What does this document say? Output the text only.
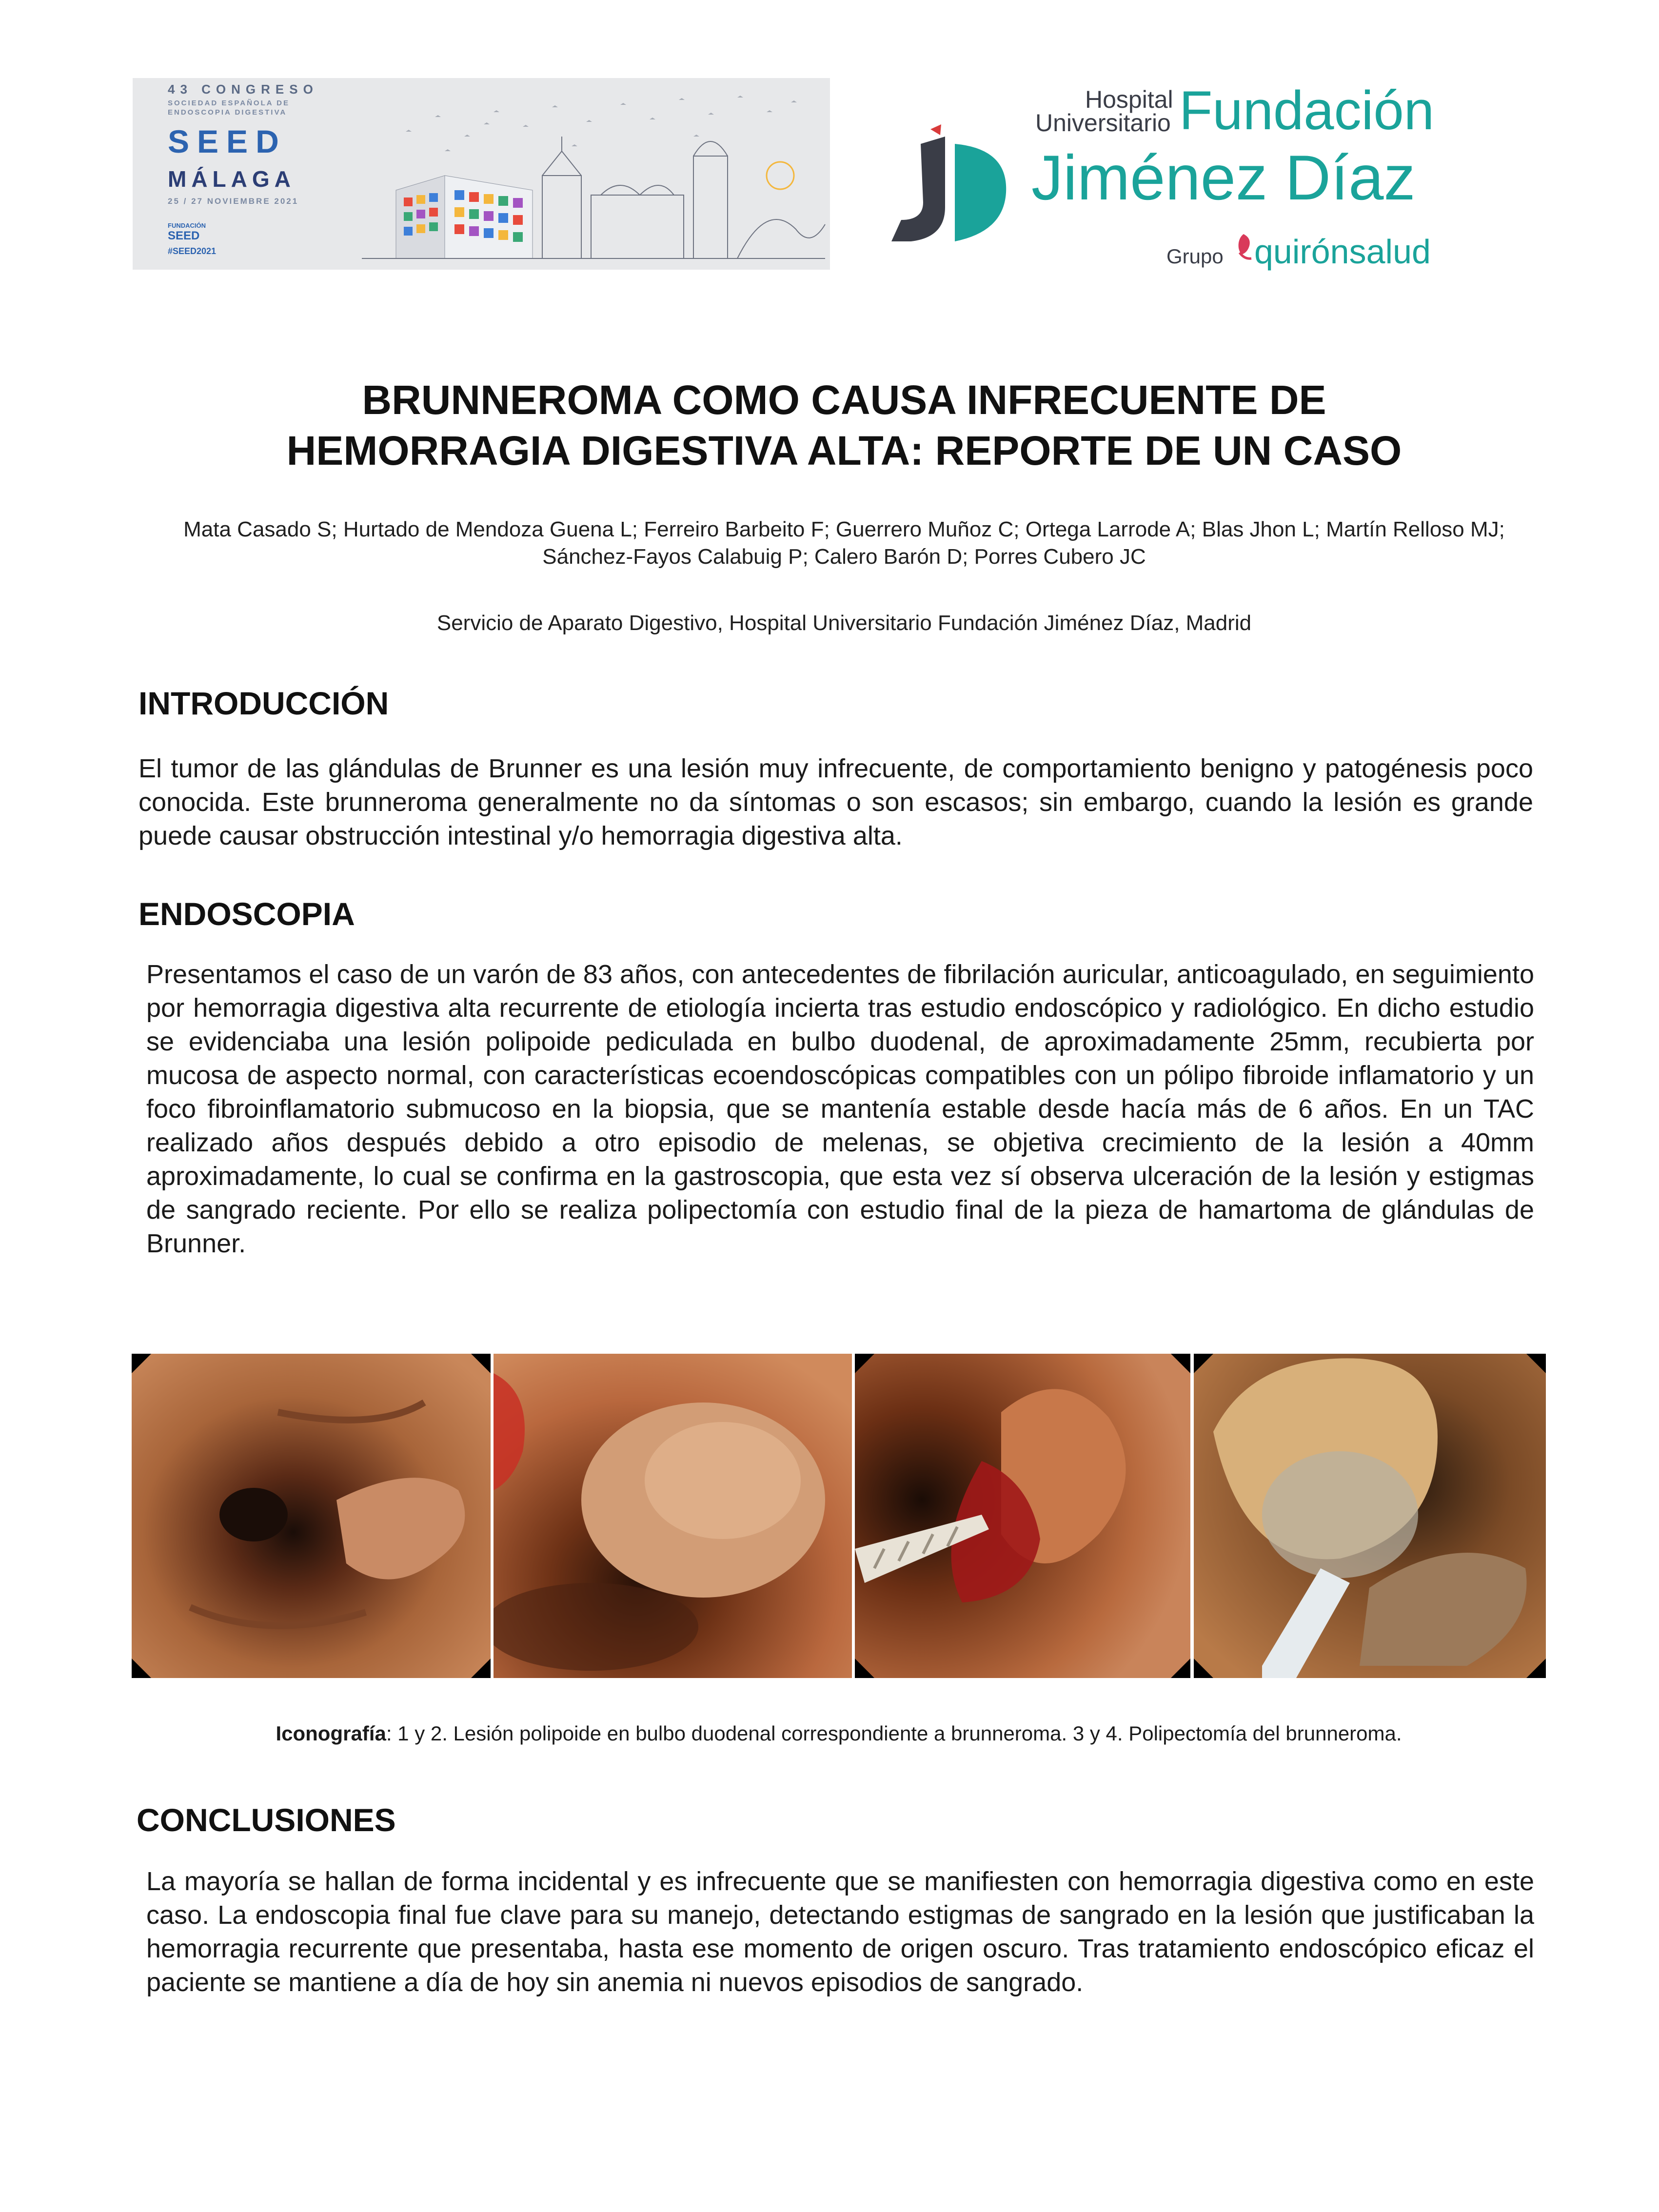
43 CONGRESO
SOCIEDAD ESPAÑOLA DE ENDOSCOPIA DIGESTIVA
SEED
MÁLAGA
25 / 27 NOVIEMBRE 2021
FUNDACIÓN
SEED
#SEED2021
Hospital
Universitario Fundación
Jiménez Díaz
Grupo quirónsalud
BRUNNEROMA COMO CAUSA INFRECUENTE DE
HEMORRAGIA DIGESTIVA ALTA: REPORTE DE UN CASO
Mata Casado S; Hurtado de Mendoza Guena L; Ferreiro Barbeito F; Guerrero Muñoz C; Ortega Larrode A; Blas Jhon L; Martín Relloso MJ; Sánchez-Fayos Calabuig P; Calero Barón D; Porres Cubero JC
Servicio de Aparato Digestivo, Hospital Universitario Fundación Jiménez Díaz, Madrid
INTRODUCCIÓN
El tumor de las glándulas de Brunner es una lesión muy infrecuente, de comportamiento benigno y patogénesis poco conocida. Este brunneroma generalmente no da síntomas o son escasos; sin embargo, cuando la lesión es grande puede causar obstrucción intestinal y/o hemorragia digestiva alta.
ENDOSCOPIA
Presentamos el caso de un varón de 83 años, con antecedentes de fibrilación auricular, anticoagulado, en seguimiento por hemorragia digestiva alta recurrente de etiología incierta tras estudio endoscópico y radiológico. En dicho estudio se evidenciaba una lesión polipoide pediculada en bulbo duodenal, de aproximadamente 25mm, recubierta por mucosa de aspecto normal, con características ecoendoscópicas compatibles con un pólipo fibroide inflamatorio y un foco fibroinflamatorio submucoso en la biopsia, que se mantenía estable desde hacía más de 6 años. En un TAC realizado años después debido a otro episodio de melenas, se objetiva crecimiento de la lesión a 40mm aproximadamente, lo cual se confirma en la gastroscopia, que esta vez sí observa ulceración de la lesión y estigmas de sangrado reciente. Por ello se realiza polipectomía con estudio final de la pieza de hamartoma de glándulas de Brunner.
Iconografía: 1 y 2. Lesión polipoide en bulbo duodenal correspondiente a brunneroma. 3 y 4. Polipectomía del brunneroma.
CONCLUSIONES
La mayoría se hallan de forma incidental y es infrecuente que se manifiesten con hemorragia digestiva como en este caso. La endoscopia final fue clave para su manejo, detectando estigmas de sangrado en la lesión que justificaban la hemorragia recurrente que presentaba, hasta ese momento de origen oscuro. Tras tratamiento endoscópico eficaz el paciente se mantiene a día de hoy sin anemia ni nuevos episodios de sangrado.
